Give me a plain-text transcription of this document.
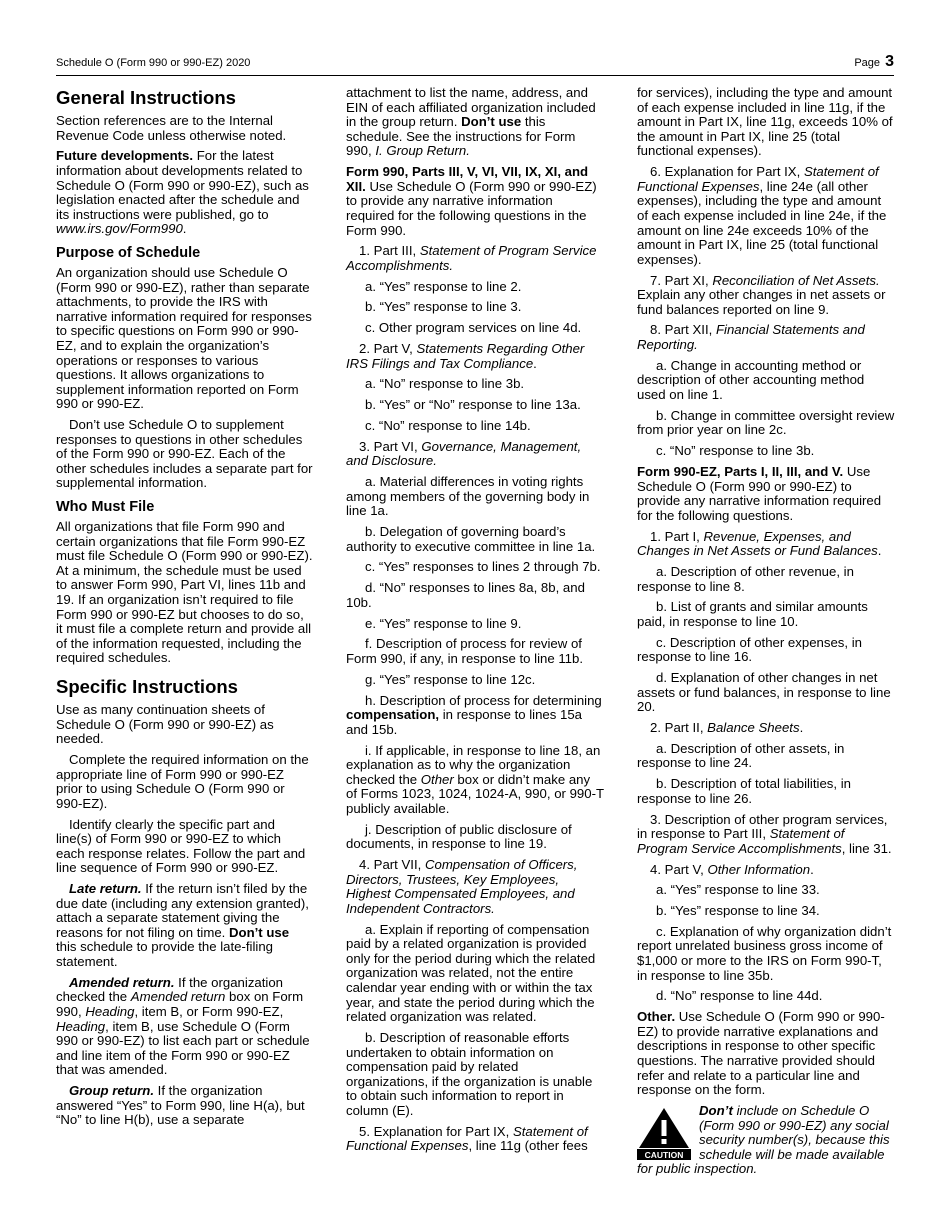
Schedule O (Form 990 or 990-EZ) 2020	Page 3
General Instructions

Section references are to the Internal Revenue Code unless otherwise noted.

Future developments. For the latest information about developments related to Schedule O (Form 990 or 990-EZ), such as legislation enacted after the schedule and its instructions were published, go to www.irs.gov/Form990.

Purpose of Schedule

An organization should use Schedule O (Form 990 or 990-EZ), rather than separate attachments, to provide the IRS with narrative information required for responses to specific questions on Form 990 or 990-EZ, and to explain the organization’s operations or responses to various questions. It allows organizations to supplement information reported on Form 990 or 990-EZ.

Don’t use Schedule O to supplement responses to questions in other schedules of the Form 990 or 990-EZ. Each of the other schedules includes a separate part for supplemental information.

Who Must File

All organizations that file Form 990 and certain organizations that file Form 990-EZ must file Schedule O (Form 990 or 990-EZ). At a minimum, the schedule must be used to answer Form 990, Part VI, lines 11b and 19. If an organization isn’t required to file Form 990 or 990-EZ but chooses to do so, it must file a complete return and provide all of the information requested, including the required schedules.

Specific Instructions

Use as many continuation sheets of Schedule O (Form 990 or 990-EZ) as needed.

Complete the required information on the appropriate line of Form 990 or 990-EZ prior to using Schedule O (Form 990 or 990-EZ).

Identify clearly the specific part and line(s) of Form 990 or 990-EZ to which each response relates. Follow the part and line sequence of Form 990 or 990-EZ.

Late return. If the return isn’t filed by the due date (including any extension granted), attach a separate statement giving the reasons for not filing on time. Don’t use this schedule to provide the late-filing statement.

Amended return. If the organization checked the Amended return box on Form 990, Heading, item B, or Form 990-EZ, Heading, item B, use Schedule O (Form 990 or 990-EZ) to list each part or schedule and line item of the Form 990 or 990-EZ that was amended.

Group return. If the organization answered “Yes” to Form 990, line H(a), but “No” to line H(b), use a separate

attachment to list the name, address, and EIN of each affiliated organization included in the group return. Don’t use this schedule. See the instructions for Form 990, I. Group Return.

Form 990, Parts III, V, VI, VII, IX, XI, and XII. Use Schedule O (Form 990 or 990-EZ) to provide any narrative information required for the following questions in the Form 990.

1. Part III, Statement of Program Service Accomplishments.

a. “Yes” response to line 2.

b. “Yes” response to line 3.

c. Other program services on line 4d.

2. Part V, Statements Regarding Other IRS Filings and Tax Compliance.

a. “No” response to line 3b.

b. “Yes” or “No” response to line 13a.

c. “No” response to line 14b.

3. Part VI, Governance, Management, and Disclosure.

a. Material differences in voting rights among members of the governing body in line 1a.

b. Delegation of governing board’s authority to executive committee in line 1a.

c. “Yes” responses to lines 2 through 7b.

d. “No” responses to lines 8a, 8b, and 10b.

e. “Yes” response to line 9.

f. Description of process for review of Form 990, if any, in response to line 11b.

g. “Yes” response to line 12c.

h. Description of process for determining compensation, in response to lines 15a and 15b.

i. If applicable, in response to line 18, an explanation as to why the organization checked the Other box or didn’t make any of Forms 1023, 1024, 1024-A, 990, or 990-T publicly available.

j. Description of public disclosure of documents, in response to line 19.

4. Part VII, Compensation of Officers, Directors, Trustees, Key Employees, Highest Compensated Employees, and Independent Contractors.

a. Explain if reporting of compensation paid by a related organization is provided only for the period during which the related organization was related, not the entire calendar year ending with or within the tax year, and state the period during which the related organization was related.

b. Description of reasonable efforts undertaken to obtain information on compensation paid by related organizations, if the organization is unable to obtain such information to report in column (E).

5. Explanation for Part IX, Statement of Functional Expenses, line 11g (other fees

for services), including the type and amount of each expense included in line 11g, if the amount in Part IX, line 11g, exceeds 10% of the amount in Part IX, line 25 (total functional expenses).

6. Explanation for Part IX, Statement of Functional Expenses, line 24e (all other expenses), including the type and amount of each expense included in line 24e, if the amount on line 24e exceeds 10% of the amount in Part IX, line 25 (total functional expenses).

7. Part XI, Reconciliation of Net Assets. Explain any other changes in net assets or fund balances reported on line 9.

8. Part XII, Financial Statements and Reporting.

a. Change in accounting method or description of other accounting method used on line 1.

b. Change in committee oversight review from prior year on line 2c.

c. “No” response to line 3b.

Form 990-EZ, Parts I, II, III, and V. Use Schedule O (Form 990 or 990-EZ) to provide any narrative information required for the following questions.

1. Part I, Revenue, Expenses, and Changes in Net Assets or Fund Balances.

a. Description of other revenue, in response to line 8.

b. List of grants and similar amounts paid, in response to line 10.

c. Description of other expenses, in response to line 16.

d. Explanation of other changes in net assets or fund balances, in response to line 20.

2. Part II, Balance Sheets.

a. Description of other assets, in response to line 24.

b. Description of total liabilities, in response to line 26.

3. Description of other program services, in response to Part III, Statement of Program Service Accomplishments, line 31.

4. Part V, Other Information.

a. “Yes” response to line 33.

b. “Yes” response to line 34.

c. Explanation of why organization didn’t report unrelated business gross income of $1,000 or more to the IRS on Form 990-T, in response to line 35b.

d. “No” response to line 44d.

Other. Use Schedule O (Form 990 or 990-EZ) to provide narrative explanations and descriptions in response to other specific questions. The narrative provided should refer and relate to a particular line and response on the form.

CAUTION

Don’t include on Schedule O (Form 990 or 990-EZ) any social security number(s), because this schedule will be made available for public inspection.
